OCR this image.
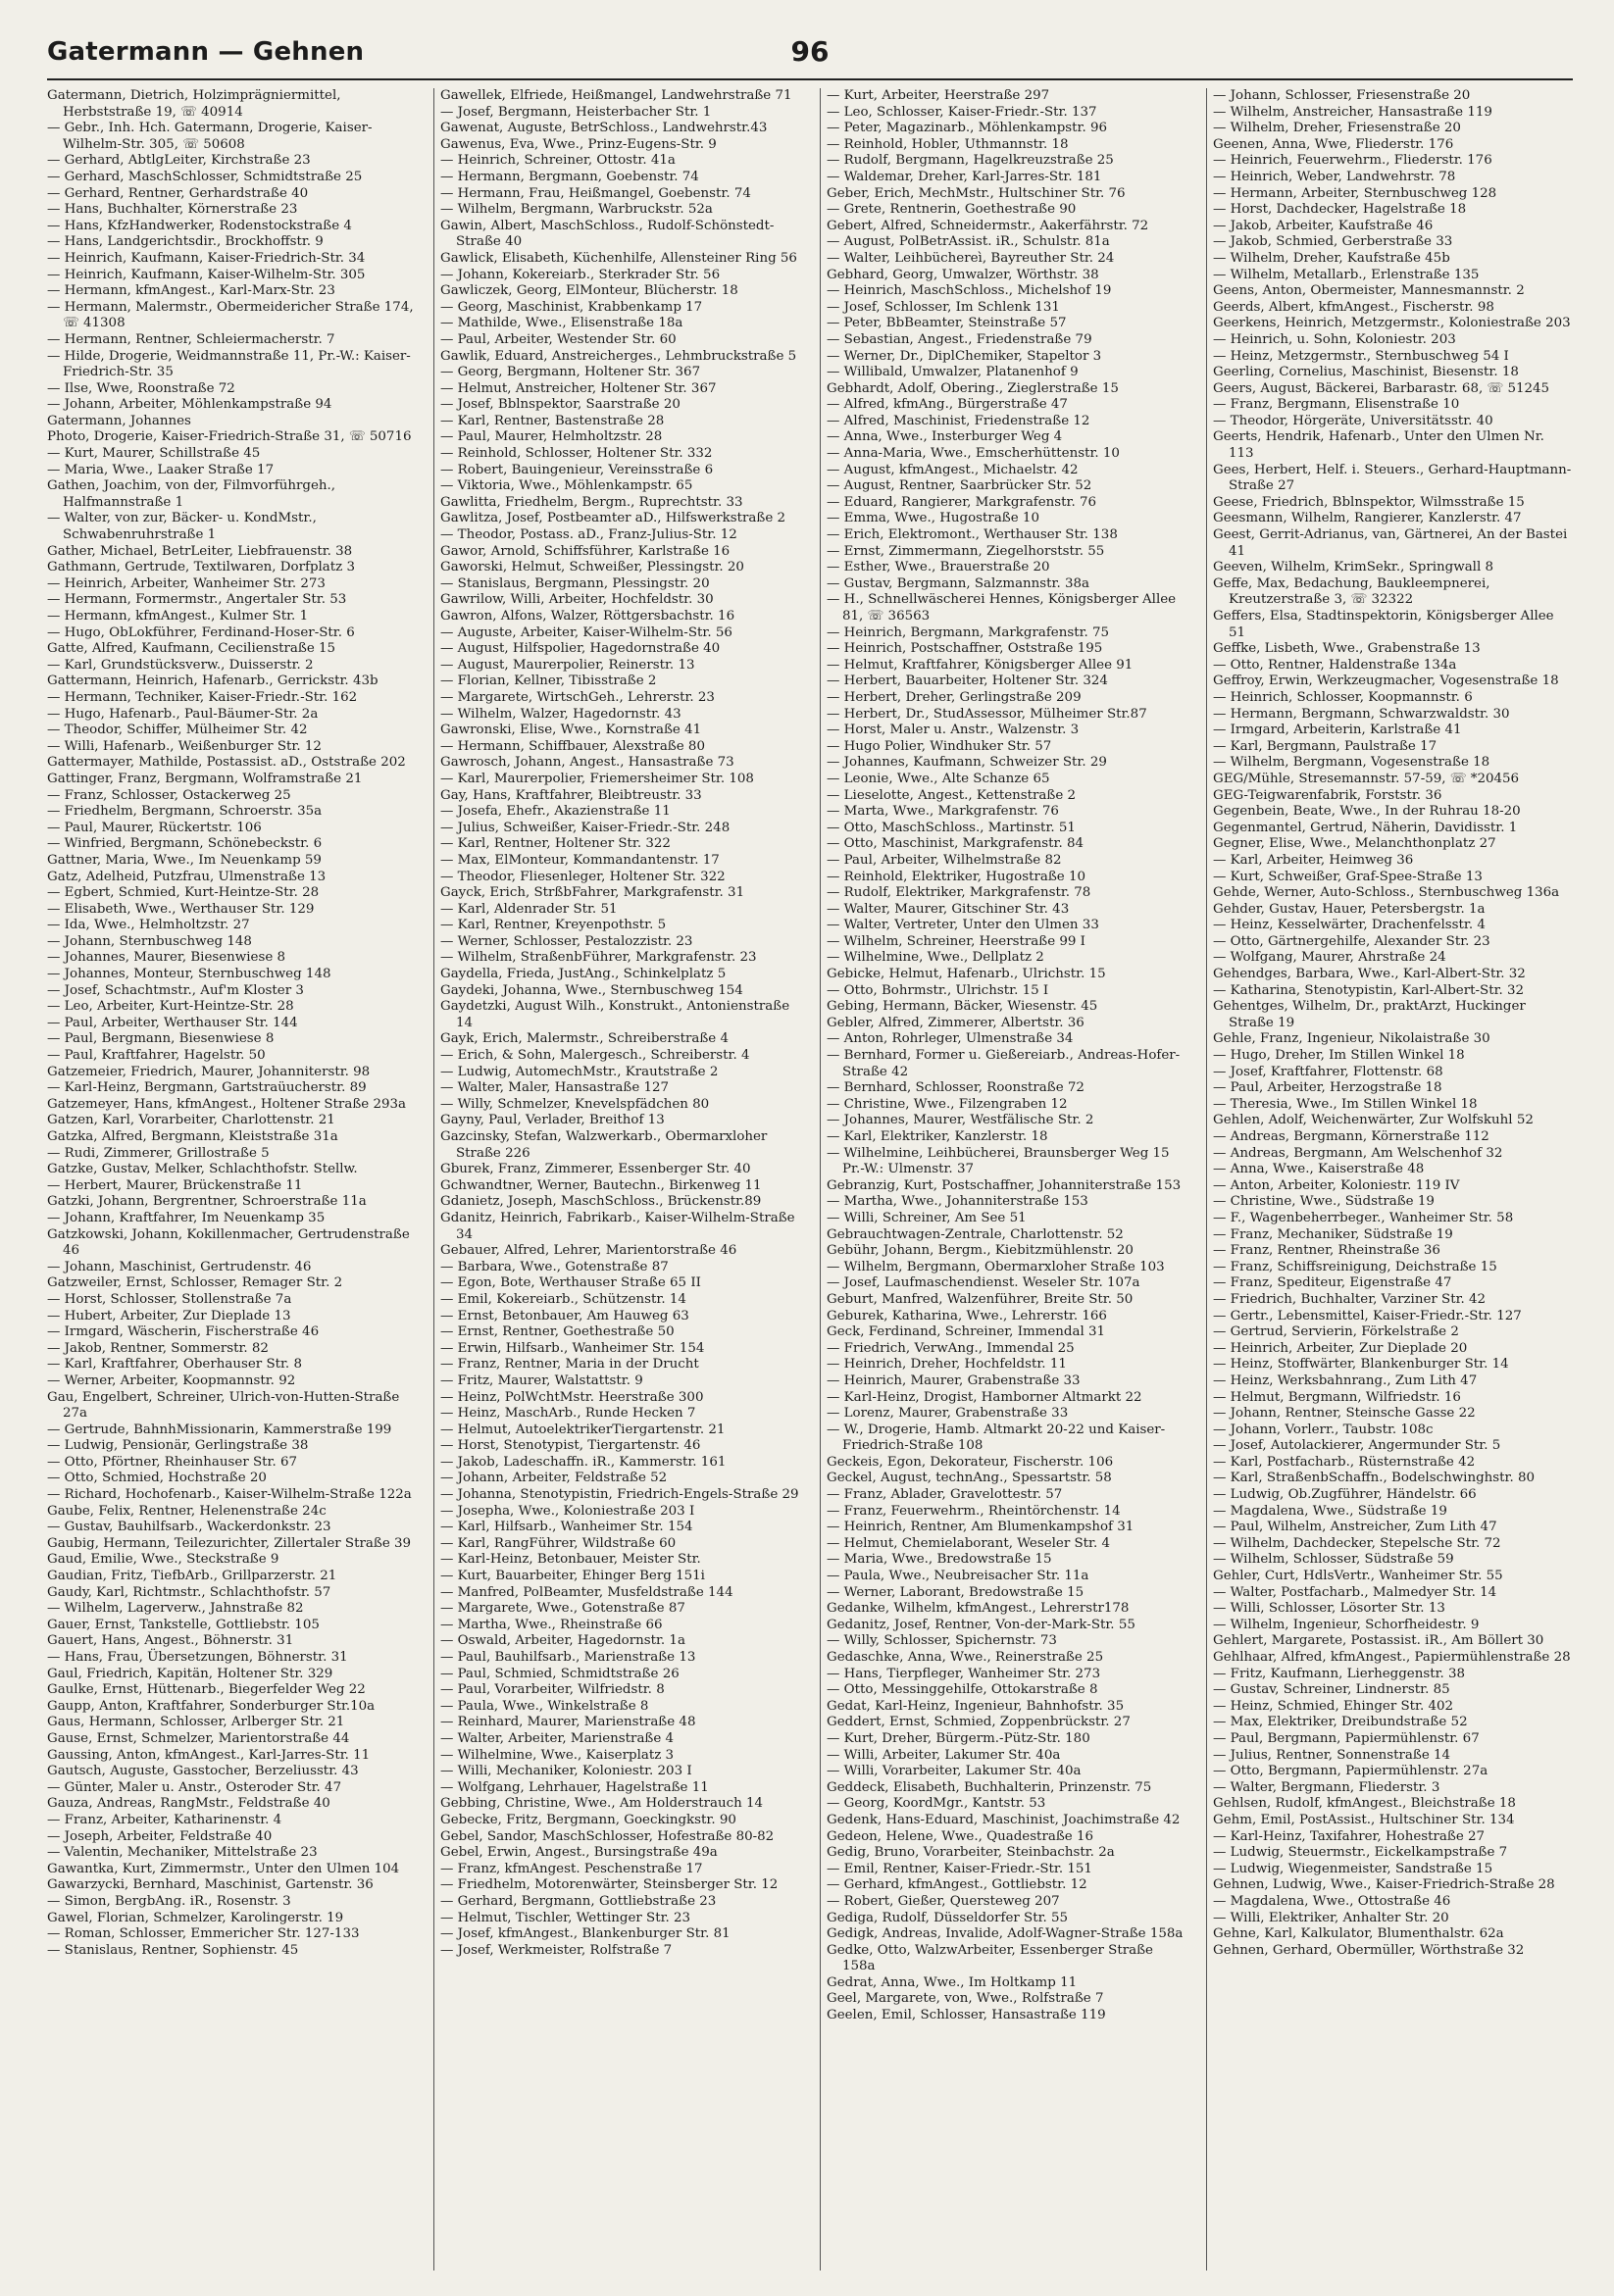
Gatermann — Gehnen	96
Gatermann, Dietrich, Holzimprägniermittel, Herbststraße 19, ☏ 40914
— Gebr., Inh. Hch. Gatermann, Drogerie, Kaiser-Wilhelm-Str. 305, ☏ 50608
— Gerhard, AbtlgLeiter, Kirchstraße 23
— Gerhard, MaschSchlosser, Schmidtstraße 25
— Gerhard, Rentner, Gerhardstraße 40
— Hans, Buchhalter, Körnerstraße 23
— Hans, KfzHandwerker, Rodenstockstraße 4
— Hans, Landgerichtsdir., Brockhoffstr. 9
— Heinrich, Kaufmann, Kaiser-Friedrich-Str. 34
— Heinrich, Kaufmann, Kaiser-Wilhelm-Str. 305
— Hermann, kfmAngest., Karl-Marx-Str. 23
— Hermann, Malermstr., Obermeidericher Straße 174, ☏ 41308
— Hermann, Rentner, Schleiermacherstr. 7
— Hilde, Drogerie, Weidmannstraße 11, Pr.-W.: Kaiser-Friedrich-Str. 35
— Ilse, Wwe, Roonstraße 72
— Johann, Arbeiter, Möhlenkampstraße 94
Gatermann, Johannes
Photo, Drogerie, Kaiser-Friedrich-Straße 31, ☏ 50716
— Kurt, Maurer, Schillstraße 45
— Maria, Wwe., Laaker Straße 17
Gathen, Joachim, von der, Filmvorführgeh., Halfmannstraße 1
— Walter, von zur, Bäcker- u. KondMstr., Schwabenruhrstraße 1
Gather, Michael, BetrLeiter, Liebfrauenstr. 38
Gathmann, Gertrude, Textilwaren, Dorfplatz 3
— Heinrich, Arbeiter, Wanheimer Str. 273
— Hermann, Formermstr., Angertaler Str. 53
— Hermann, kfmAngest., Kulmer Str. 1
— Hugo, ObLokführer, Ferdinand-Hoser-Str. 6
Gatte, Alfred, Kaufmann, Cecilienstraße 15
— Karl, Grundstücksverw., Duisserstr. 2
Gattermann, Heinrich, Hafenarb., Gerrickstr. 43b
— Hermann, Techniker, Kaiser-Friedr.-Str. 162
— Hugo, Hafenarb., Paul-Bäumer-Str. 2a
— Theodor, Schiffer, Mülheimer Str. 42
— Willi, Hafenarb., Weißenburger Str. 12
Gattermayer, Mathilde, Postassist. aD., Oststraße 202
Gattinger, Franz, Bergmann, Wolframstraße 21
— Franz, Schlosser, Ostackerweg 25
— Friedhelm, Bergmann, Schroerstr. 35a
— Paul, Maurer, Rückertstr. 106
— Winfried, Bergmann, Schönebeckstr. 6
Gattner, Maria, Wwe., Im Neuenkamp 59
Gatz, Adelheid, Putzfrau, Ulmenstraße 13
— Egbert, Schmied, Kurt-Heintze-Str. 28
— Elisabeth, Wwe., Werthauser Str. 129
— Ida, Wwe., Helmholtzstr. 27
— Johann, Sternbuschweg 148
— Johannes, Maurer, Biesenwiese 8
— Johannes, Monteur, Sternbuschweg 148
— Josef, Schachtmstr., Auf'm Kloster 3
— Leo, Arbeiter, Kurt-Heintze-Str. 28
— Paul, Arbeiter, Werthauser Str. 144
— Paul, Bergmann, Biesenwiese 8
— Paul, Kraftfahrer, Hagelstr. 50
Gatzemeier, Friedrich, Maurer, Johanniterstr. 98
— Karl-Heinz, Bergmann, Gartstraüucherstr. 89
Gatzemeyer, Hans, kfmAngest., Holtener Straße 293a
Gatzen, Karl, Vorarbeiter, Charlottenstr. 21
Gatzka, Alfred, Bergmann, Kleiststraße 31a
— Rudi, Zimmerer, Grillostraße 5
Gatzke, Gustav, Melker, Schlachthofstr. Stellw.
— Herbert, Maurer, Brückenstraße 11
Gatzki, Johann, Bergrentner, Schroerstraße 11a
— Johann, Kraftfahrer, Im Neuenkamp 35
Gatzkowski, Johann, Kokillenmacher, Gertrudenstraße 46
— Johann, Maschinist, Gertrudenstr. 46
Gatzweiler, Ernst, Schlosser, Remager Str. 2
— Horst, Schlosser, Stollenstraße 7a
— Hubert, Arbeiter, Zur Dieplade 13
— Irmgard, Wäscherin, Fischerstraße 46
— Jakob, Rentner, Sommerstr. 82
— Karl, Kraftfahrer, Oberhauser Str. 8
— Werner, Arbeiter, Koopmannstr. 92
Gau, Engelbert, Schreiner, Ulrich-von-Hutten-Straße 27a
— Gertrude, BahnhMissionarin, Kammerstraße 199
— Ludwig, Pensionär, Gerlingstraße 38
— Otto, Pförtner, Rheinhauser Str. 67
— Otto, Schmied, Hochstraße 20
— Richard, Hochofenarb., Kaiser-Wilhelm-Straße 122a
Gaube, Felix, Rentner, Helenenstraße 24c
— Gustav, Bauhilfsarb., Wackerdonkstr. 23
Gaubig, Hermann, Teilezurichter, Zillertaler Straße 39
Gaud, Emilie, Wwe., Steckstraße 9
Gaudian, Fritz, TiefbArb., Grillparzerstr. 21
Gaudy, Karl, Richtmstr., Schlachthofstr. 57
— Wilhelm, Lagerverw., Jahnstraße 82
Gauer, Ernst, Tankstelle, Gottliebstr. 105
Gauert, Hans, Angest., Böhnerstr. 31
— Hans, Frau, Übersetzungen, Böhnerstr. 31
Gaul, Friedrich, Kapitän, Holtener Str. 329
Gaulke, Ernst, Hüttenarb., Biegerfelder Weg 22
Gaupp, Anton, Kraftfahrer, Sonderburger Str.10a
Gaus, Hermann, Schlosser, Arlberger Str. 21
Gause, Ernst, Schmelzer, Marientorstraße 44
Gaussing, Anton, kfmAngest., Karl-Jarres-Str. 11
Gautsch, Auguste, Gasstocher, Berzeliusstr. 43
— Günter, Maler u. Anstr., Osteroder Str. 47
Gauza, Andreas, RangMstr., Feldstraße 40
— Franz, Arbeiter, Katharinenstr. 4
— Joseph, Arbeiter, Feldstraße 40
— Valentin, Mechaniker, Mittelstraße 23
Gawantka, Kurt, Zimmermstr., Unter den Ulmen 104
Gawarzycki, Bernhard, Maschinist, Gartenstr. 36
— Simon, BergbAng. iR., Rosenstr. 3
Gawel, Florian, Schmelzer, Karolingerstr. 19
— Roman, Schlosser, Emmericher Str. 127-133
— Stanislaus, Rentner, Sophienstr. 45
Gawellek, Elfriede, Heißmangel, Landwehrstraße 71
— Josef, Bergmann, Heisterbacher Str. 1
Gawenat, Auguste, BetrSchloss., Landwehrstr.43
Gawenus, Eva, Wwe., Prinz-Eugens-Str. 9
— Heinrich, Schreiner, Ottostr. 41a
— Hermann, Bergmann, Goebenstr. 74
— Hermann, Frau, Heißmangel, Goebenstr. 74
— Wilhelm, Bergmann, Warbruckstr. 52a
Gawin, Albert, MaschSchloss., Rudolf-Schönstedt-Straße 40
Gawlick, Elisabeth, Küchenhilfe, Allensteiner Ring 56
— Johann, Kokereiarb., Sterkrader Str. 56
Gawliczek, Georg, ElMonteur, Blücherstr. 18
— Georg, Maschinist, Krabbenkamp 17
— Mathilde, Wwe., Elisenstraße 18a
— Paul, Arbeiter, Westender Str. 60
Gawlik, Eduard, Anstreicherges., Lehmbruckstraße 5
— Georg, Bergmann, Holtener Str. 367
— Helmut, Anstreicher, Holtener Str. 367
— Josef, Bblnspektor, Saarstraße 20
— Karl, Rentner, Bastenstraße 28
— Paul, Maurer, Helmholtzstr. 28
— Reinhold, Schlosser, Holtener Str. 332
— Robert, Bauingenieur, Vereinsstraße 6
— Viktoria, Wwe., Möhlenkampstr. 65
Gawlitta, Friedhelm, Bergm., Ruprechtstr. 33
Gawlitza, Josef, Postbeamter aD., Hilfswerkstraße 2
— Theodor, Postass. aD., Franz-Julius-Str. 12
Gawor, Arnold, Schiffsführer, Karlstraße 16
Gaworski, Helmut, Schweißer, Plessingstr. 20
— Stanislaus, Bergmann, Plessingstr. 20
Gawrilow, Willi, Arbeiter, Hochfeldstr. 30
Gawron, Alfons, Walzer, Röttgersbachstr. 16
— Auguste, Arbeiter, Kaiser-Wilhelm-Str. 56
— August, Hilfspolier, Hagedornstraße 40
— August, Maurerpolier, Reinerstr. 13
— Florian, Kellner, Tibisstraße 2
— Margarete, WirtschGeh., Lehrerstr. 23
— Wilhelm, Walzer, Hagedornstr. 43
Gawronski, Elise, Wwe., Kornstraße 41
— Hermann, Schiffbauer, Alexstraße 80
Gawrosch, Johann, Angest., Hansastraße 73
— Karl, Maurerpolier, Friemersheimer Str. 108
Gay, Hans, Kraftfahrer, Bleibtreustr. 33
— Josefa, Ehefr., Akazienstraße 11
— Julius, Schweißer, Kaiser-Friedr.-Str. 248
— Karl, Rentner, Holtener Str. 322
— Max, ElMonteur, Kommandantenstr. 17
— Theodor, Fliesenleger, Holtener Str. 322
Gayck, Erich, StrßbFahrer, Markgrafenstr. 31
— Karl, Aldenrader Str. 51
— Karl, Rentner, Kreyenpothstr. 5
— Werner, Schlosser, Pestalozzistr. 23
— Wilhelm, StraßenbFührer, Markgrafenstr. 23
Gaydella, Frieda, JustAng., Schinkelplatz 5
Gaydeki, Johanna, Wwe., Sternbuschweg 154
Gaydetzki, August Wilh., Konstrukt., Antonienstraße 14
Gayk, Erich, Malermstr., Schreiberstraße 4
— Erich, & Sohn, Malergesch., Schreiberstr. 4
— Ludwig, AutomechMstr., Krautstraße 2
— Walter, Maler, Hansastraße 127
— Willy, Schmelzer, Knevelspfädchen 80
Gayny, Paul, Verlader, Breithof 13
Gazcinsky, Stefan, Walzwerkarb., Obermarxloher Straße 226
Gburek, Franz, Zimmerer, Essenberger Str. 40
Gchwandtner, Werner, Bautechn., Birkenweg 11
Gdanietz, Joseph, MaschSchloss., Brückenstr.89
Gdanitz, Heinrich, Fabrikarb., Kaiser-Wilhelm-Straße 34
Gebauer, Alfred, Lehrer, Marientorstraße 46
— Barbara, Wwe., Gotenstraße 87
— Egon, Bote, Werthauser Straße 65 II
— Emil, Kokereiarb., Schützenstr. 14
— Ernst, Betonbauer, Am Hauweg 63
— Ernst, Rentner, Goethestraße 50
— Erwin, Hilfsarb., Wanheimer Str. 154
— Franz, Rentner, Maria in der Drucht
— Fritz, Maurer, Walstattstr. 9
— Heinz, PolWchtMstr. Heerstraße 300
— Heinz, MaschArb., Runde Hecken 7
— Helmut, AutoelektrikerTiergartenstr. 21
— Horst, Stenotypist, Tiergartenstr. 46
— Jakob, Ladeschaffn. iR., Kammerstr. 161
— Johann, Arbeiter, Feldstraße 52
— Johanna, Stenotypistin, Friedrich-Engels-Straße 29
— Josepha, Wwe., Koloniestraße 203 I
— Karl, Hilfsarb., Wanheimer Str. 154
— Karl, RangFührer, Wildstraße 60
— Karl-Heinz, Betonbauer, Meister Str.
— Kurt, Bauarbeiter, Ehinger Berg 151i
— Manfred, PolBeamter, Musfeldstraße 144
— Margarete, Wwe., Gotenstraße 87
— Martha, Wwe., Rheinstraße 66
— Oswald, Arbeiter, Hagedornstr. 1a
— Paul, Bauhilfsarb., Marienstraße 13
— Paul, Schmied, Schmidtstraße 26
— Paul, Vorarbeiter, Wilfriedstr. 8
— Paula, Wwe., Winkelstraße 8
— Reinhard, Maurer, Marienstraße 48
— Walter, Arbeiter, Marienstraße 4
— Wilhelmine, Wwe., Kaiserplatz 3
— Willi, Mechaniker, Koloniestr. 203 I
— Wolfgang, Lehrhauer, Hagelstraße 11
Gebbing, Christine, Wwe., Am Holderstrauch 14
Gebecke, Fritz, Bergmann, Goeckingkstr. 90
Gebel, Sandor, MaschSchlosser, Hofestraße 80-82
Gebel, Erwin, Angest., Bursingstraße 49a
— Franz, kfmAngest. Peschenstraße 17
— Friedhelm, Motorenwärter, Steinsberger Str. 12
— Gerhard, Bergmann, Gottliebstraße 23
— Helmut, Tischler, Wettinger Str. 23
— Josef, kfmAngest., Blankenburger Str. 81
— Josef, Werkmeister, Rolfstraße 7
— Kurt, Arbeiter, Heerstraße 297
— Leo, Schlosser, Kaiser-Friedr.-Str. 137
— Peter, Magazinarb., Möhlenkampstr. 96
— Reinhold, Hobler, Uthmannstr. 18
— Rudolf, Bergmann, Hagelkreuzstraße 25
— Waldemar, Dreher, Karl-Jarres-Str. 181
Geber, Erich, MechMstr., Hultschiner Str. 76
— Grete, Rentnerin, Goethestraße 90
Gebert, Alfred, Schneidermstr., Aakerfährstr. 72
— August, PolBetrAssist. iR., Schulstr. 81a
— Walter, Leihbüchereì, Bayreuther Str. 24
Gebhard, Georg, Umwalzer, Wörthstr. 38
— Heinrich, MaschSchloss., Michelshof 19
— Josef, Schlosser, Im Schlenk 131
— Peter, BbBeamter, Steinstraße 57
— Sebastian, Angest., Friedenstraße 79
— Werner, Dr., DiplChemiker, Stapeltor 3
— Willibald, Umwalzer, Platanenhof 9
Gebhardt, Adolf, Obering., Zieglerstraße 15
— Alfred, kfmAng., Bürgerstraße 47
— Alfred, Maschinist, Friedenstraße 12
— Anna, Wwe., Insterburger Weg 4
— Anna-Maria, Wwe., Emscherhüttenstr. 10
— August, kfmAngest., Michaelstr. 42
— August, Rentner, Saarbrücker Str. 52
— Eduard, Rangierer, Markgrafenstr. 76
— Emma, Wwe., Hugostraße 10
— Erich, Elektromont., Werthauser Str. 138
— Ernst, Zimmermann, Ziegelhorststr. 55
— Esther, Wwe., Brauerstraße 20
— Gustav, Bergmann, Salzmannstr. 38a
— H., Schnellwäscherei Hennes, Königsberger Allee 81, ☏ 36563
— Heinrich, Bergmann, Markgrafenstr. 75
— Heinrich, Postschaffner, Oststraße 195
— Helmut, Kraftfahrer, Königsberger Allee 91
— Herbert, Bauarbeiter, Holtener Str. 324
— Herbert, Dreher, Gerlingstraße 209
— Herbert, Dr., StudAssessor, Mülheimer Str.87
— Horst, Maler u. Anstr., Walzenstr. 3
— Hugo Polier, Windhuker Str. 57
— Johannes, Kaufmann, Schweizer Str. 29
— Leonie, Wwe., Alte Schanze 65
— Lieselotte, Angest., Kettenstraße 2
— Marta, Wwe., Markgrafenstr. 76
— Otto, MaschSchloss., Martinstr. 51
— Otto, Maschinist, Markgrafenstr. 84
— Paul, Arbeiter, Wilhelmstraße 82
— Reinhold, Elektriker, Hugostraße 10
— Rudolf, Elektriker, Markgrafenstr. 78
— Walter, Maurer, Gitschiner Str. 43
— Walter, Vertreter, Unter den Ulmen 33
— Wilhelm, Schreiner, Heerstraße 99 I
— Wilhelmine, Wwe., Dellplatz 2
Gebicke, Helmut, Hafenarb., Ulrichstr. 15
— Otto, Bohrmstr., Ulrichstr. 15 I
Gebing, Hermann, Bäcker, Wiesenstr. 45
Gebler, Alfred, Zimmerer, Albertstr. 36
— Anton, Rohrleger, Ulmenstraße 34
— Bernhard, Former u. Gießereiarb., Andreas-Hofer-Straße 42
— Bernhard, Schlosser, Roonstraße 72
— Christine, Wwe., Filzengraben 12
— Johannes, Maurer, Westfälische Str. 2
— Karl, Elektriker, Kanzlerstr. 18
— Wilhelmine, Leihbücherei, Braunsberger Weg 15 Pr.-W.: Ulmenstr. 37
Gebranzig, Kurt, Postschaffner, Johanniterstraße 153
— Martha, Wwe., Johanniterstraße 153
— Willi, Schreiner, Am See 51
Gebrauchtwagen-Zentrale, Charlottenstr. 52
Gebühr, Johann, Bergm., Kiebitzmühlenstr. 20
— Wilhelm, Bergmann, Obermarxloher Straße 103
— Josef, Laufmaschendienst. Weseler Str. 107a
Geburt, Manfred, Walzenführer, Breite Str. 50
Geburek, Katharina, Wwe., Lehrerstr. 166
Geck, Ferdinand, Schreiner, Immendal 31
— Friedrich, VerwAng., Immendal 25
— Heinrich, Dreher, Hochfeldstr. 11
— Heinrich, Maurer, Grabenstraße 33
— Karl-Heinz, Drogist, Hamborner Altmarkt 22
— Lorenz, Maurer, Grabenstraße 33
— W., Drogerie, Hamb. Altmarkt 20-22 und Kaiser-Friedrich-Straße 108
Geckeis, Egon, Dekorateur, Fischerstr. 106
Geckel, August, technAng., Spessartstr. 58
— Franz, Ablader, Gravelottestr. 57
— Franz, Feuerwehrm., Rheintörchenstr. 14
— Heinrich, Rentner, Am Blumenkampshof 31
— Helmut, Chemielaborant, Weseler Str. 4
— Maria, Wwe., Bredowstraße 15
— Paula, Wwe., Neubreisacher Str. 11a
— Werner, Laborant, Bredowstraße 15
Gedanke, Wilhelm, kfmAngest., Lehrerstr178
Gedanitz, Josef, Rentner, Von-der-Mark-Str. 55
— Willy, Schlosser, Spichernstr. 73
Gedaschke, Anna, Wwe., Reinerstraße 25
— Hans, Tierpfleger, Wanheimer Str. 273
— Otto, Messinggehilfe, Ottokarstraße 8
Gedat, Karl-Heinz, Ingenieur, Bahnhofstr. 35
Geddert, Ernst, Schmied, Zoppenbrückstr. 27
— Kurt, Dreher, Bürgerm.-Pütz-Str. 180
— Willi, Arbeiter, Lakumer Str. 40a
— Willi, Vorarbeiter, Lakumer Str. 40a
Geddeck, Elisabeth, Buchhalterin, Prinzenstr. 75
— Georg, KoordMgr., Kantstr. 53
Gedenk, Hans-Eduard, Maschinist, Joachimstraße 42
Gedeon, Helene, Wwe., Quadestraße 16
Gedig, Bruno, Vorarbeiter, Steinbachstr. 2a
— Emil, Rentner, Kaiser-Friedr.-Str. 151
— Gerhard, kfmAngest., Gottliebstr. 12
— Robert, Gießer, Quersteweg 207
Gediga, Rudolf, Düsseldorfer Str. 55
Gedigk, Andreas, Invalide, Adolf-Wagner-Straße 158a
Gedke, Otto, WalzwArbeiter, Essenberger Straße 158a
Gedrat, Anna, Wwe., Im Holtkamp 11
Geel, Margarete, von, Wwe., Rolfstraße 7
Geelen, Emil, Schlosser, Hansastraße 119
— Johann, Schlosser, Friesenstraße 20
— Wilhelm, Anstreicher, Hansastraße 119
— Wilhelm, Dreher, Friesenstraße 20
Geenen, Anna, Wwe, Fliederstr. 176
— Heinrich, Feuerwehrm., Fliederstr. 176
— Heinrich, Weber, Landwehrstr. 78
— Hermann, Arbeiter, Sternbuschweg 128
— Horst, Dachdecker, Hagelstraße 18
— Jakob, Arbeiter, Kaufstraße 46
— Jakob, Schmied, Gerberstraße 33
— Wilhelm, Dreher, Kaufstraße 45b
— Wilhelm, Metallarb., Erlenstraße 135
Geens, Anton, Obermeister, Mannesmannstr. 2
Geerds, Albert, kfmAngest., Fischerstr. 98
Geerkens, Heinrich, Metzgermstr., Koloniestraße 203
— Heinrich, u. Sohn, Koloniestr. 203
— Heinz, Metzgermstr., Sternbuschweg 54 I
Geerling, Cornelius, Maschinist, Biesenstr. 18
Geers, August, Bäckerei, Barbarastr. 68, ☏ 51245
— Franz, Bergmann, Elisenstraße 10
— Theodor, Hörgeräte, Universitätsstr. 40
Geerts, Hendrik, Hafenarb., Unter den Ulmen Nr. 113
Gees, Herbert, Helf. i. Steuers., Gerhard-Hauptmann-Straße 27
Geese, Friedrich, Bblnspektor, Wilmsstraße 15
Geesmann, Wilhelm, Rangierer, Kanzlerstr. 47
Geest, Gerrit-Adrianus, van, Gärtnerei, An der Bastei 41
Geeven, Wilhelm, KrimSekr., Springwall 8
Geffe, Max, Bedachung, Baukleempnerei, Kreutzerstraße 3, ☏ 32322
Geffers, Elsa, Stadtinspektorin, Königsberger Allee 51
Geffke, Lisbeth, Wwe., Grabenstraße 13
— Otto, Rentner, Haldenstraße 134a
Geffroy, Erwin, Werkzeugmacher, Vogesenstraße 18
— Heinrich, Schlosser, Koopmannstr. 6
— Hermann, Bergmann, Schwarzwaldstr. 30
— Irmgard, Arbeiterin, Karlstraße 41
— Karl, Bergmann, Paulstraße 17
— Wilhelm, Bergmann, Vogesenstraße 18
GEG/Mühle, Stresemannstr. 57-59, ☏ *20456
GEG-Teigwarenfabrik, Forststr. 36
Gegenbein, Beate, Wwe., In der Ruhrau 18-20
Gegenmantel, Gertrud, Näherin, Davidisstr. 1
Gegner, Elise, Wwe., Melanchthonplatz 27
— Karl, Arbeiter, Heimweg 36
— Kurt, Schweißer, Graf-Spee-Straße 13
Gehde, Werner, Auto-Schloss., Sternbuschweg 136a
Gehder, Gustav, Hauer, Petersbergstr. 1a
— Heinz, Kesselwärter, Drachenfelsstr. 4
— Otto, Gärtnergehilfe, Alexander Str. 23
— Wolfgang, Maurer, Ahrstraße 24
Gehendges, Barbara, Wwe., Karl-Albert-Str. 32
— Katharina, Stenotypistin, Karl-Albert-Str. 32
Gehentges, Wilhelm, Dr., praktArzt, Huckinger Straße 19
Gehle, Franz, Ingenieur, Nikolaistraße 30
— Hugo, Dreher, Im Stillen Winkel 18
— Josef, Kraftfahrer, Flottenstr. 68
— Paul, Arbeiter, Herzogstraße 18
— Theresia, Wwe., Im Stillen Winkel 18
Gehlen, Adolf, Weichenwärter, Zur Wolfskuhl 52
— Andreas, Bergmann, Körnerstraße 112
— Andreas, Bergmann, Am Welschenhof 32
— Anna, Wwe., Kaiserstraße 48
— Anton, Arbeiter, Koloniestr. 119 IV
— Christine, Wwe., Südstraße 19
— F., Wagenbeherrbeger., Wanheimer Str. 58
— Franz, Mechaniker, Südstraße 19
— Franz, Rentner, Rheinstraße 36
— Franz, Schiffsreinigung, Deichstraße 15
— Franz, Spediteur, Eigenstraße 47
— Friedrich, Buchhalter, Varziner Str. 42
— Gertr., Lebensmittel, Kaiser-Friedr.-Str. 127
— Gertrud, Servierin, Förkelstraße 2
— Heinrich, Arbeiter, Zur Dieplade 20
— Heinz, Stoffwärter, Blankenburger Str. 14
— Heinz, Werksbahnrang., Zum Lith 47
— Helmut, Bergmann, Wilfriedstr. 16
— Johann, Rentner, Steinsche Gasse 22
— Johann, Vorlerr., Taubstr. 108c
— Josef, Autolackierer, Angermunder Str. 5
— Karl, Postfacharb., Rüsternstraße 42
— Karl, StraßenbSchaffn., Bodelschwinghstr. 80
— Ludwig, Ob.Zugführer, Händelstr. 66
— Magdalena, Wwe., Südstraße 19
— Paul, Wilhelm, Anstreicher, Zum Lith 47
— Wilhelm, Dachdecker, Stepelsche Str. 72
— Wilhelm, Schlosser, Südstraße 59
Gehler, Curt, HdlsVertr., Wanheimer Str. 55
— Walter, Postfacharb., Malmedyer Str. 14
— Willi, Schlosser, Lösorter Str. 13
— Wilhelm, Ingenieur, Schorfheidestr. 9
Gehlert, Margarete, Postassist. iR., Am Böllert 30
Gehlhaar, Alfred, kfmAngest., Papiermühlenstraße 28
— Fritz, Kaufmann, Lierheggenstr. 38
— Gustav, Schreiner, Lindnerstr. 85
— Heinz, Schmied, Ehinger Str. 402
— Max, Elektriker, Dreibundstraße 52
— Paul, Bergmann, Papiermühlenstr. 67
— Julius, Rentner, Sonnenstraße 14
— Otto, Bergmann, Papiermühlenstr. 27a
— Walter, Bergmann, Fliederstr. 3
Gehlsen, Rudolf, kfmAngest., Bleichstraße 18
Gehm, Emil, PostAssist., Hultschiner Str. 134
— Karl-Heinz, Taxifahrer, Hohestraße 27
— Ludwig, Steuermstr., Eickelkampstraße 7
— Ludwig, Wiegenmeister, Sandstraße 15
Gehnen, Ludwig, Wwe., Kaiser-Friedrich-Straße 28
— Magdalena, Wwe., Ottostraße 46
— Willi, Elektriker, Anhalter Str. 20
Gehne, Karl, Kalkulator, Blumenthalstr. 62a
Gehnen, Gerhard, Obermüller, Wörthstraße 32
